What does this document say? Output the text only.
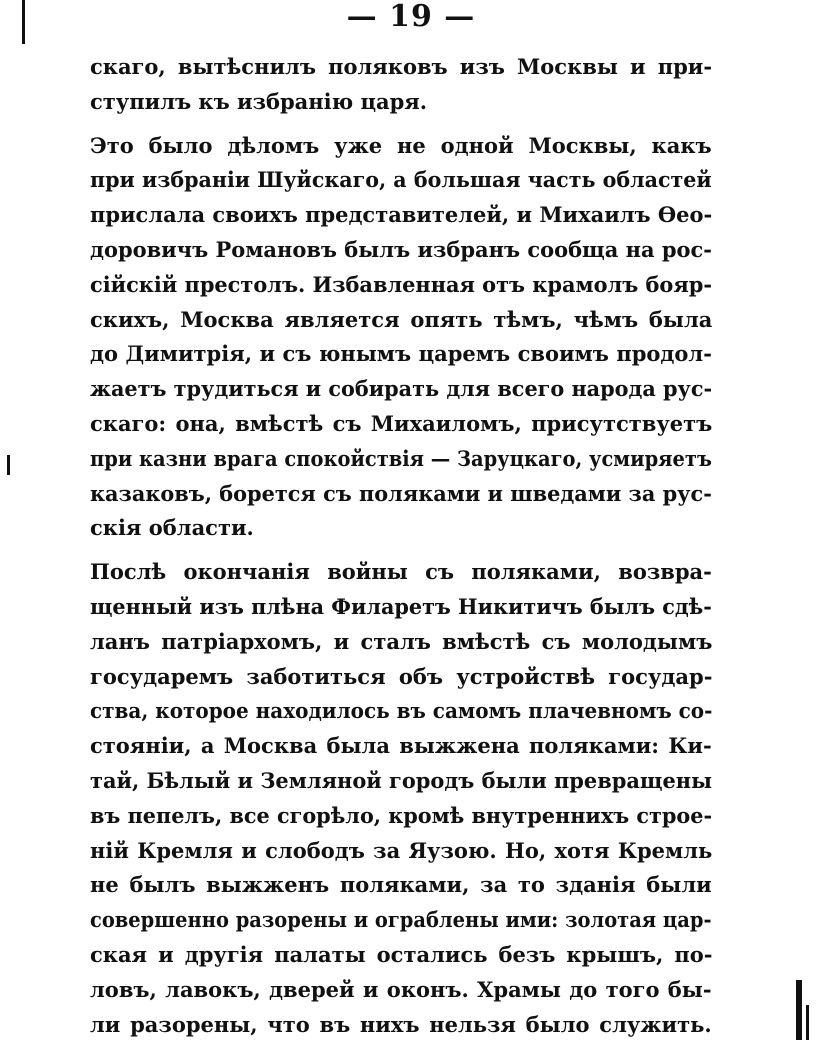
— 19 —
скаго, вытѣснилъ поляковъ изъ Москвы и при-
ступилъ къ избранію царя.
Это было дѣломъ уже не одной Москвы, какъ
при избраніи Шуйскаго, а большая часть областей
прислала своихъ представителей, и Михаилъ Ѳео-
доровичъ Романовъ былъ избранъ сообща на рос-
сійскій престолъ. Избавленная отъ крамолъ бояр-
скихъ, Москва является опять тѣмъ, чѣмъ была
до Димитрія, и съ юнымъ царемъ своимъ продол-
жаетъ трудиться и собирать для всего народа рус-
скаго: она, вмѣстѣ съ Михаиломъ, присутствуетъ
при казни врага спокойствія — Заруцкаго, усмиряетъ
казаковъ, борется съ поляками и шведами за рус-
скія области.
Послѣ окончанія войны съ поляками, возвра-
щенный изъ плѣна Филаретъ Никитичъ былъ сдѣ-
ланъ патріархомъ, и сталъ вмѣстѣ съ молодымъ
государемъ заботиться объ устройствѣ государ-
ства, которое находилось въ самомъ плачевномъ со-
стояніи, а Москва была выжжена поляками: Ки-
тай, Бѣлый и Земляной городъ были превращены
въ пепелъ, все сгорѣло, кромѣ внутреннихъ строе-
ній Кремля и слободъ за Яузою. Но, хотя Кремль
не былъ выжженъ поляками, за то зданія были
совершенно разорены и ограблены ими: золотая цар-
ская и другія палаты остались безъ крышъ, по-
ловъ, лавокъ, дверей и оконъ. Храмы до того бы-
ли разорены, что въ нихъ нельзя было служить.
